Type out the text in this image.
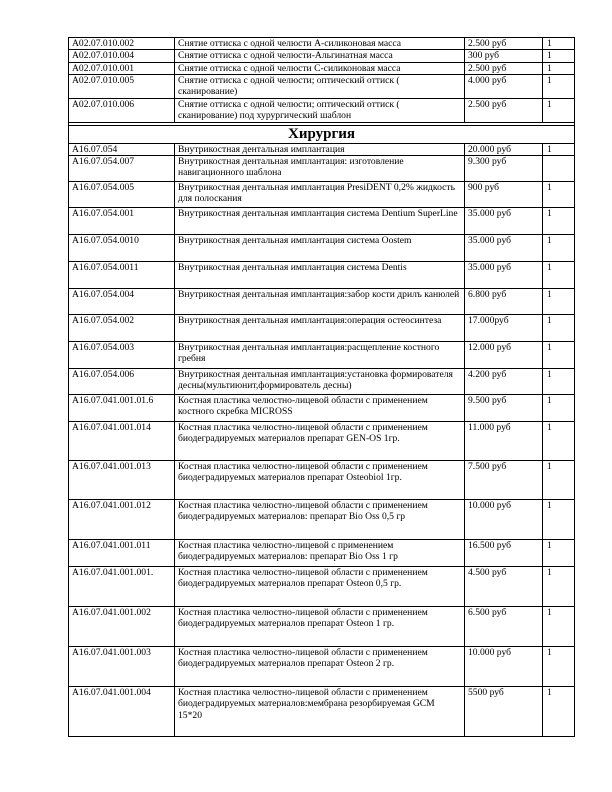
A02.07.010.002	Снятие оттиска с одной челюсти А-силиконовая масса	2.500 руб	1
A02.07.010.004	Снятие оттиска с одной челюсти-Альгинатная масса	300 руб	1
A02.07.010.001	Снятие оттиска с одной челюсти С-силиконовая масса	2.500 руб	1
A02.07.010.005	Снятие оттиска с одной челюсти; оптический оттиск ( сканирование)	4.000 руб	1
A02.07.010.006	Снятие оттиска с одной челюсти; оптический оттиск ( сканирование) под хурургический шаблон	2.500 руб	1

Хирургия			
A16.07.054	Внутрикостная дентальная имплантация	20.000 руб	1
A16.07.054.007	Внутрикостная дентальная имплантация: изготовление навигационного шаблона	9.300 руб	
A16.07.054.005	Внутрикостная дентальная имплантация PresiDENT 0,2% жидкость для полоскания	900 руб	1
A16.07.054.001	Внутрикостная дентальная имплантация система Dentium SuperLine	35.000 руб	1
A16.07.054.0010	Внутрикостная дентальная имплантация система Oostem	35.000 руб	1
A16.07.054.0011	Внутрикостная дентальная имплантация система Dentis	35.000 руб	1
A16.07.054.004	Внутрикостная дентальная имплантация:забор кости дрилъ канюлей	6.800 руб	1
A16.07.054.002	Внутрикостная дентальная имплантация:операция остеосинтеза	17.000руб	1
A16.07.054.003	Внутрикостная дентальная имплантация:расщепление костного гребня	12.000 руб	1
A16.07.054.006	Внутрикостная дентальная имплантация:установка формирователя десны(мультиюнит,формирователь десны)	4.200 руб	1
A16.07.041.001.01.6	Костная пластика челюстно-лицевой области с применением костного скребка MICROSS	9.500 руб	1
A16.07.041.001.014	Костная пластика челюстно-лицевой области с применением биодеградируемых материалов препарат GEN-OS 1гр.	11.000 руб	1
A16.07.041.001.013	Костная пластика челюстно-лицевой области с применением биодеградируемых материалов препарат Osteobiol 1гр.	7.500 руб	1
A16.07.041.001.012	Костная пластика челюстно-лицевой области с применением биодеградируемых материалов: препарат Bio Oss 0,5 гр	10.000 руб	1
A16.07.041.001.011	Костная пластика челюстно-лицевой с применением биодеградируемых материалов: препарат Bio Oss 1 гр	16.500 руб	1
A16.07.041.001.001.	Костная пластика челюстно-лицевой области с применением биодеградируемых материалов препарат Osteon 0,5 гр.	4.500 руб	1
A16.07.041.001.002	Костная пластика челюстно-лицевой области с применением биодеградируемых материалов препарат Osteon 1 гр.	6.500 руб	1
A16.07.041.001.003	Костная пластика челюстно-лицевой области с применением биодеградируемых материалов препарат Osteon 2 гр.	10.000 руб	1
A16.07.041.001.004	Костная пластика челюстно-лицевой области с применением биодеградируемых материалов:мембрана резорбируемая GCM 15*20	5500 руб	1
